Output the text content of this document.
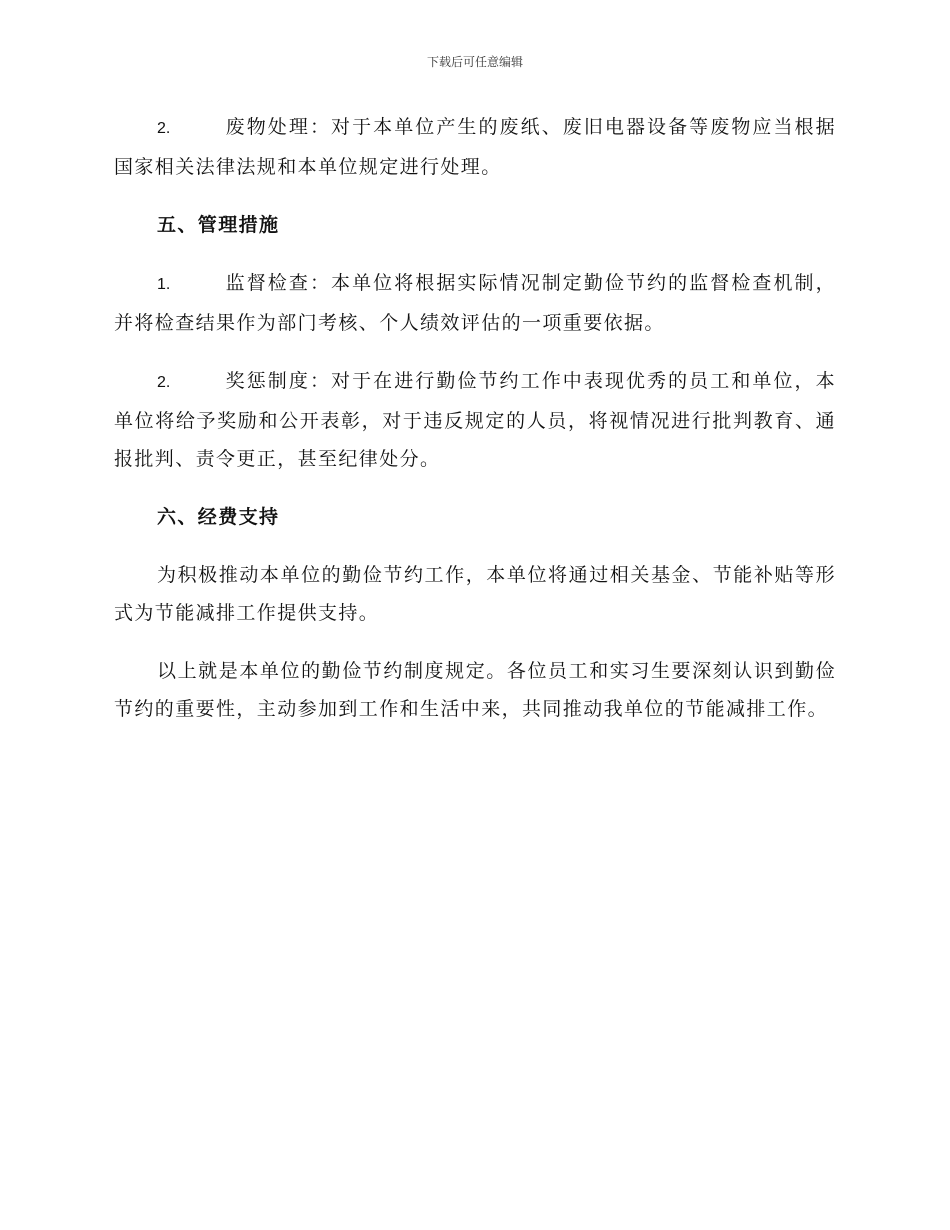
下载后可任意编辑

2.	废物处理：对于本单位产生的废纸、废旧电器设备等废物应当根据国家相关法律法规和本单位规定进行处理。

五、管理措施

1.	监督检查：本单位将根据实际情况制定勤俭节约的监督检查机制，并将检查结果作为部门考核、个人绩效评估的一项重要依据。

2.	奖惩制度：对于在进行勤俭节约工作中表现优秀的员工和单位，本单位将给予奖励和公开表彰，对于违反规定的人员，将视情况进行批判教育、通报批判、责令更正，甚至纪律处分。

六、经费支持

为积极推动本单位的勤俭节约工作，本单位将通过相关基金、节能补贴等形式为节能减排工作提供支持。

以上就是本单位的勤俭节约制度规定。各位员工和实习生要深刻认识到勤俭节约的重要性，主动参加到工作和生活中来，共同推动我单位的节能减排工作。
